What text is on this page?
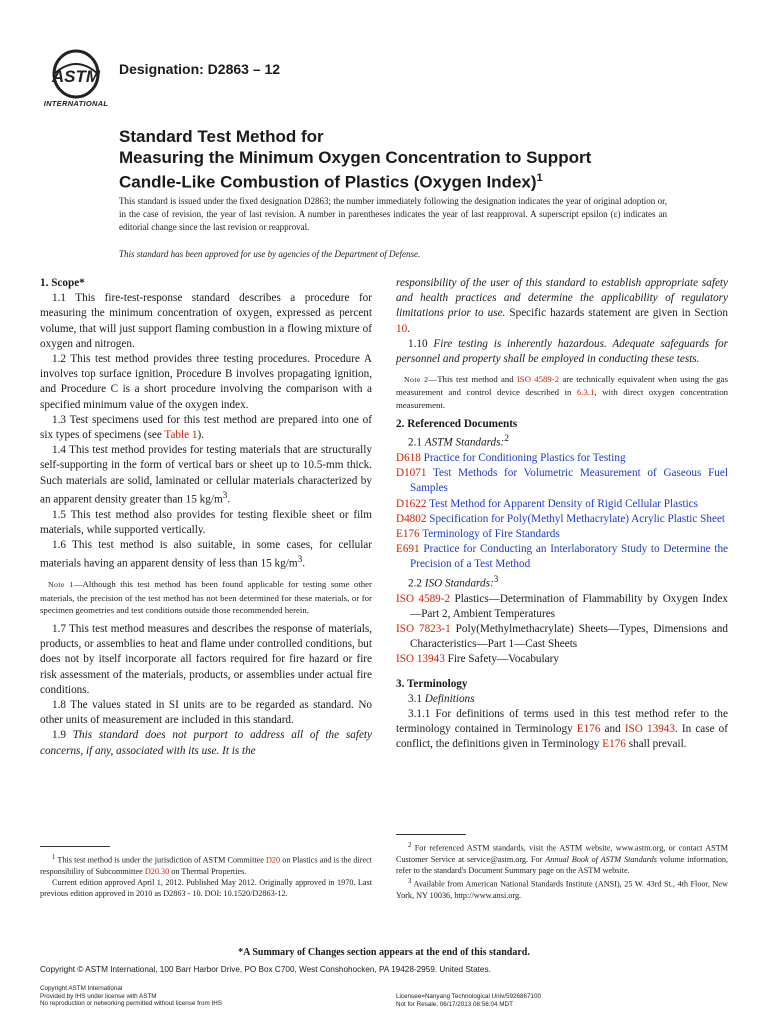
ASTM
INTERNATIONAL
Designation: D2863 – 12
Standard Test Method for
Measuring the Minimum Oxygen Concentration to Support
Candle-Like Combustion of Plastics (Oxygen Index)$^1$
This standard is issued under the fixed designation D2863; the number immediately following the designation indicates the year of original adoption or, in the case of revision, the year of last revision. A number in parentheses indicates the year of last reapproval. A superscript epsilon (ε) indicates an editorial change since the last revision or reapproval.
This standard has been approved for use by agencies of the Department of Defense.

1. Scope*

1.1 This fire-test-response standard describes a procedure for measuring the minimum concentration of oxygen, expressed as percent volume, that will just support flaming combustion in a flowing mixture of oxygen and nitrogen.

1.2 This test method provides three testing procedures. Procedure A involves top surface ignition, Procedure B involves propagating ignition, and Procedure C is a short procedure involving the comparison with a specified minimum value of the oxygen index.

1.3 Test specimens used for this test method are prepared into one of six types of specimens (see Table 1).

1.4 This test method provides for testing materials that are structurally self-supporting in the form of vertical bars or sheet up to 10.5-mm thick. Such materials are solid, laminated or cellular materials characterized by an apparent density greater than 15 $kg/m^3$.

1.5 This test method also provides for testing flexible sheet or film materials, while supported vertically.

1.6 This test method is also suitable, in some cases, for cellular materials having an apparent density of less than 15 $kg/m^3$.

Note 1—Although this test method has been found applicable for testing some other materials, the precision of the test method has not been determined for these materials, or for specimen geometries and test conditions outside those recommended herein.

1.7 This test method measures and describes the response of materials, products, or assemblies to heat and flame under controlled conditions, but does not by itself incorporate all factors required for fire hazard or fire risk assessment of the materials, products, or assemblies under actual fire conditions.

1.8 The values stated in SI units are to be regarded as standard. No other units of measurement are included in this standard.

1.9 This standard does not purport to address all of the safety concerns, if any, associated with its use. It is the

$^1$ This test method is under the jurisdiction of ASTM Committee D20 on Plastics and is the direct responsibility of Subcommittee D20.30 on Thermal Properties.
Current edition approved April 1, 2012. Published May 2012. Originally approved in 1970. Last previous edition approved in 2010 as D2863 - 10. DOI: 10.1520/D2863-12.

responsibility of the user of this standard to establish appropriate safety and health practices and determine the applicability of regulatory limitations prior to use. Specific hazards statement are given in Section 10.

1.10 Fire testing is inherently hazardous. Adequate safeguards for personnel and property shall be employed in conducting these tests.

Note 2—This test method and ISO 4589-2 are technically equivalent when using the gas measurement and control device described in 6.3.1, with direct oxygen concentration measurement.

2. Referenced Documents

2.1 ASTM Standards:$^2$

D618 Practice for Conditioning Plastics for Testing

D1071 Test Methods for Volumetric Measurement of Gaseous Fuel Samples

D1622 Test Method for Apparent Density of Rigid Cellular Plastics

D4802 Specification for Poly(Methyl Methacrylate) Acrylic Plastic Sheet

E176 Terminology of Fire Standards

E691 Practice for Conducting an Interlaboratory Study to Determine the Precision of a Test Method

2.2 ISO Standards:$^3$

ISO 4589-2 Plastics—Determination of Flammability by Oxygen Index—Part 2, Ambient Temperatures

ISO 7823-1 Poly(Methylmethacrylate) Sheets—Types, Dimensions and Characteristics—Part 1—Cast Sheets

ISO 13943 Fire Safety—Vocabulary

3. Terminology

3.1 Definitions

3.1.1 For definitions of terms used in this test method refer to the terminology contained in Terminology E176 and ISO 13943. In case of conflict, the definitions given in Terminology E176 shall prevail.

$^2$ For referenced ASTM standards, visit the ASTM website, www.astm.org, or contact ASTM Customer Service at service@astm.org. For Annual Book of ASTM Standards volume information, refer to the standard's Document Summary page on the ASTM website.
$^3$ Available from American National Standards Institute (ANSI), 25 W. 43rd St., 4th Floor, New York, NY 10036, http://www.ansi.org.
*A Summary of Changes section appears at the end of this standard.
Copyright © ASTM International, 100 Barr Harbor Drive, PO Box C700, West Conshohocken, PA 19428-2959. United States.
Copyright ASTM International
Provided by IHS under license with ASTM
No reproduction or networking permitted without license from IHS
Licensee=Nanyang Technological Univ/5926867100
Not for Resale, 06/17/2013 08:56:04 MDT
